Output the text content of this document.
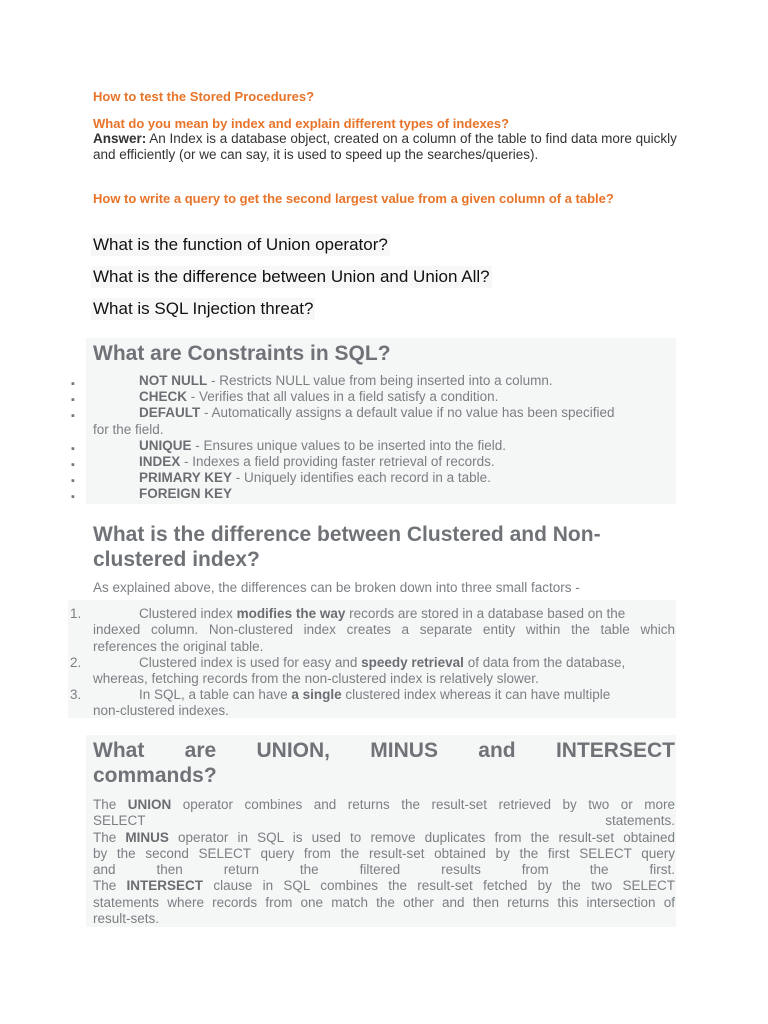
How to test the Stored Procedures?
What do you mean by index and explain different types of indexes?
Answer: An Index is a database object, created on a column of the table to find data more quickly and efficiently (or we can say, it is used to speed up the searches/queries).
How to write a query to get the second largest value from a given column of a table?
What is the function of Union operator?
What is the difference between Union and Union All?
What is SQL Injection threat?
What are Constraints in SQL?
▪	NOT NULL - Restricts NULL value from being inserted into a column.
▪	CHECK - Verifies that all values in a field satisfy a condition.
▪	DEFAULT - Automatically assigns a default value if no value has been specified
for the field.
▪	UNIQUE - Ensures unique values to be inserted into the field.
▪	INDEX - Indexes a field providing faster retrieval of records.
▪	PRIMARY KEY - Uniquely identifies each record in a table.
▪	FOREIGN KEY
What is the difference between Clustered and Non-
clustered index?
As explained above, the differences can be broken down into three small factors -
1.	Clustered index modifies the way records are stored in a database based on the
indexed column. Non-clustered index creates a separate entity within the table which
references the original table.
2.	Clustered index is used for easy and speedy retrieval of data from the database,
whereas, fetching records from the non-clustered index is relatively slower.
3.	In SQL, a table can have a single clustered index whereas it can have multiple
non-clustered indexes.
What are UNION, MINUS and INTERSECT
commands?
The UNION operator combines and returns the result-set retrieved by two or more
SELECT	statements.
The MINUS operator in SQL is used to remove duplicates from the result-set obtained
by the second SELECT query from the result-set obtained by the first SELECT query
and	then	return	the	filtered	results	from	the	first.
The INTERSECT clause in SQL combines the result-set fetched by the two SELECT
statements where records from one match the other and then returns this intersection of
result-sets.
